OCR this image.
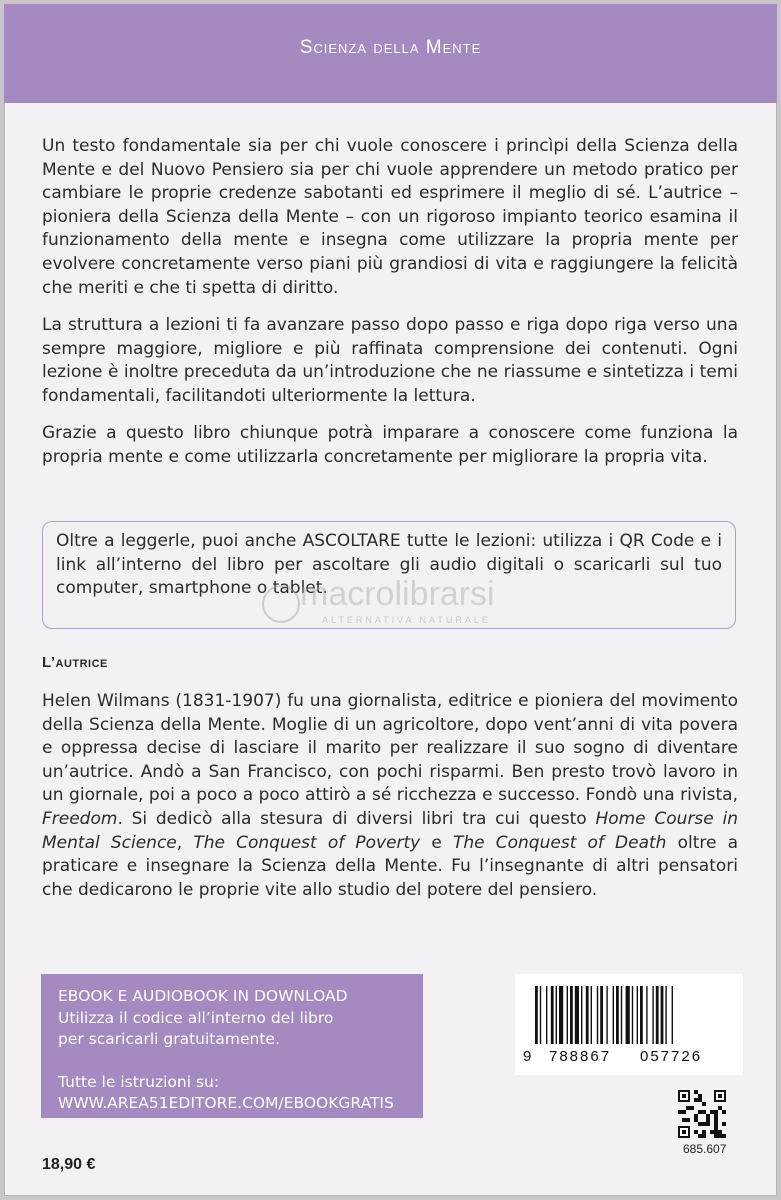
Scienza della Mente

Un testo fondamentale sia per chi vuole conoscere i princìpi della Scienza della Mente e del Nuovo Pensiero sia per chi vuole apprendere un metodo pratico per cambiare le proprie credenze sabotanti ed esprimere il meglio di sé. L’autrice – pioniera della Scienza della Mente – con un rigoroso impianto teorico esamina il funzionamento della mente e insegna come utilizzare la propria mente per evolvere concretamente verso piani più grandiosi di vita e raggiungere la felicità che meriti e che ti spetta di diritto.

La struttura a lezioni ti fa avanzare passo dopo passo e riga dopo riga verso una sempre maggiore, migliore e più raffinata comprensione dei contenuti. Ogni lezione è inoltre preceduta da un’introduzione che ne riassume e sintetizza i temi fondamentali, facilitandoti ulteriormente la lettura.

Grazie a questo libro chiunque potrà imparare a conoscere come funziona la propria mente e come utilizzarla concretamente per migliorare la propria vita.

Oltre a leggerle, puoi anche ASCOLTARE tutte le lezioni: utilizza i QR Code e i link all’interno del libro per ascoltare gli audio digitali o scaricarli sul tuo computer, smartphone o tablet.

macrolibrarsi
ALTERNATIVA NATURALE
L’autrice

Helen Wilmans (1831-1907) fu una giornalista, editrice e pioniera del movimento della Scienza della Mente. Moglie di un agricoltore, dopo vent’anni di vita povera e oppressa decise di lasciare il marito per realizzare il suo sogno di diventare un’autrice. Andò a San Francisco, con pochi risparmi. Ben presto trovò lavoro in un giornale, poi a poco a poco attirò a sé ricchezza e successo. Fondò una rivista, Freedom. Si dedicò alla stesura di diversi libri tra cui questo Home Course in Mental Science, The Conquest of Poverty e The Conquest of Death oltre a praticare e insegnare la Scienza della Mente. Fu l’insegnante di altri pensatori che dedicarono le proprie vite allo studio del potere del pensiero.

EBOOK E AUDIOBOOK IN DOWNLOAD
Utilizza il codice all’interno del libro
per scaricarli gratuitamente.
Tutte le istruzioni su:
WWW.AREA51EDITORE.COM/EBOOKGRATIS
9 788867 057726
685.607
18,90 €
